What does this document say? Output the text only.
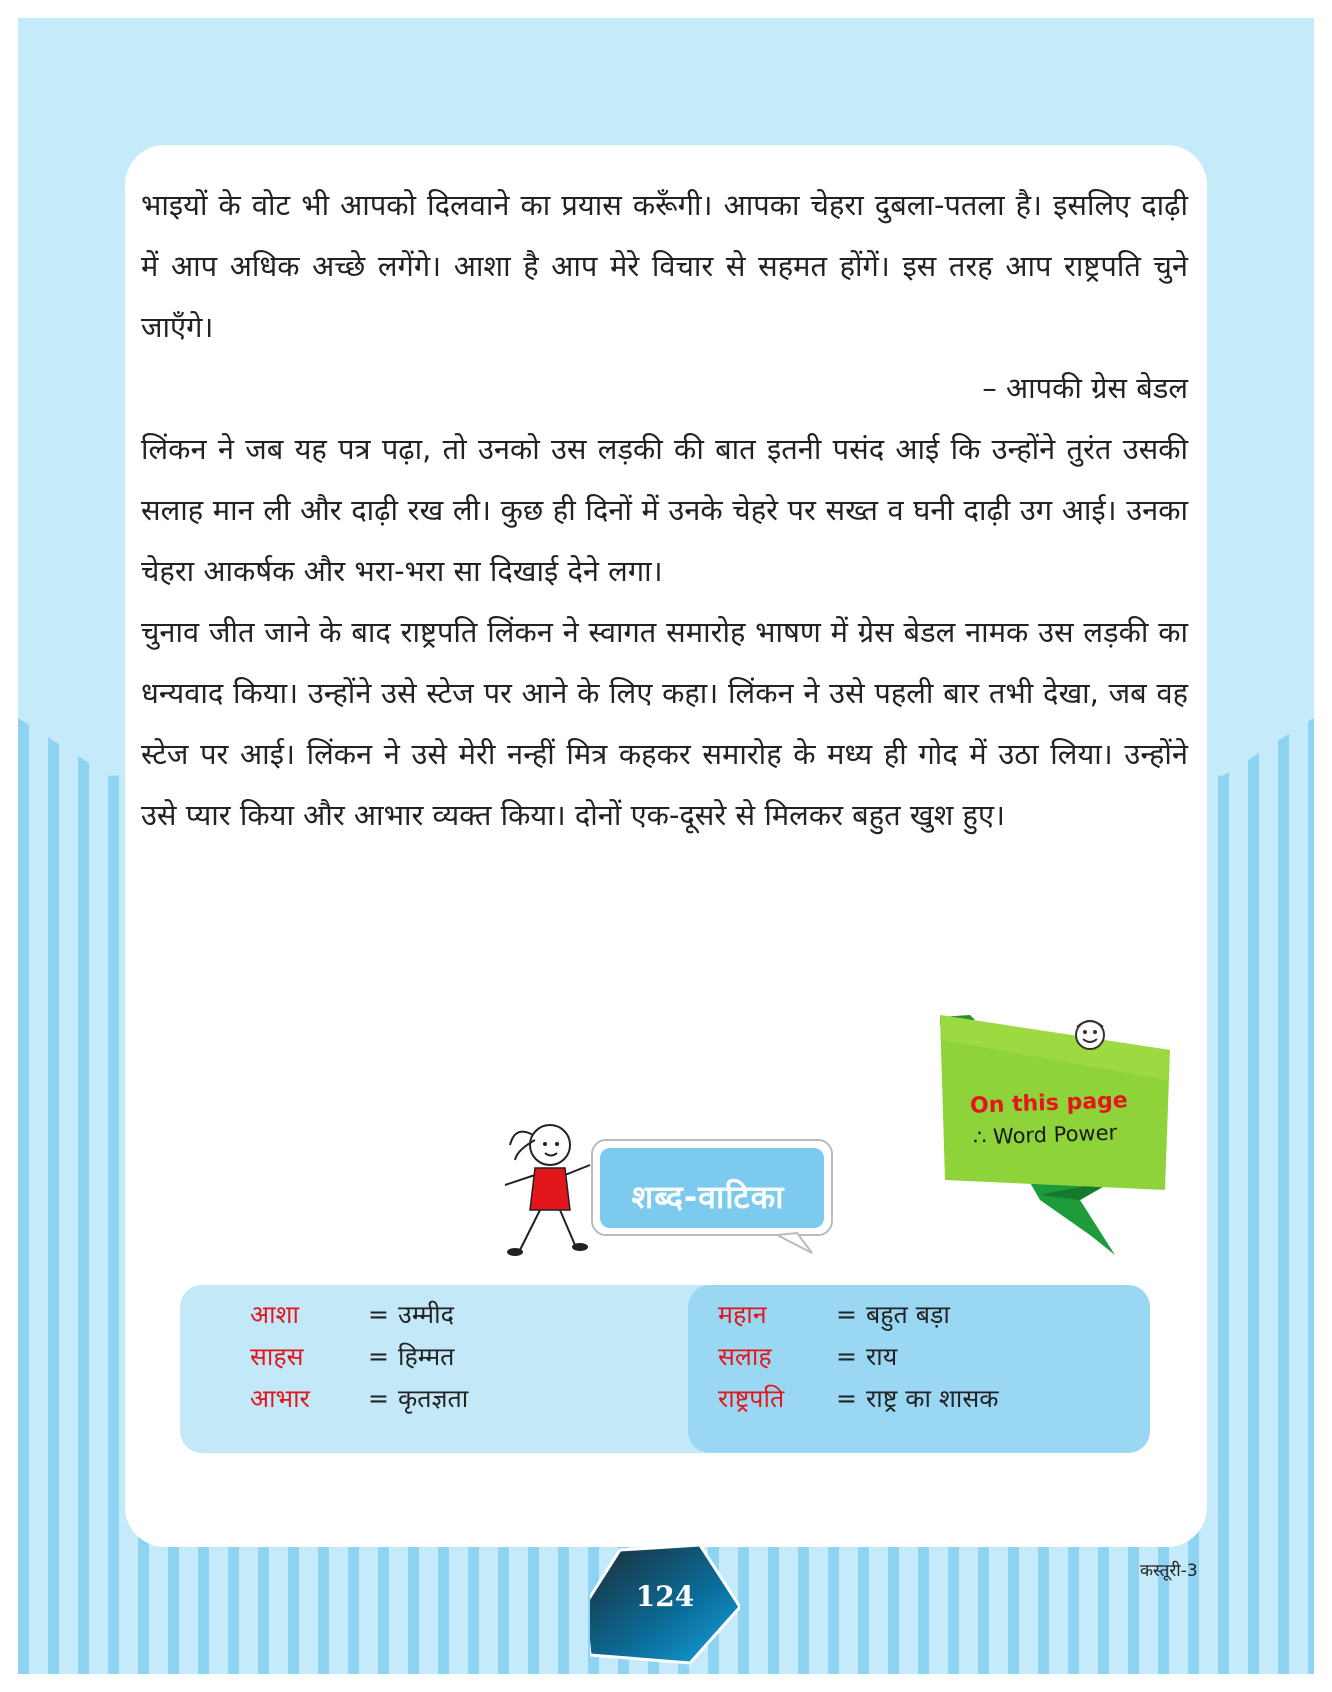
भाइयों के वोट भी आपको दिलवाने का प्रयास करूँगी। आपका चेहरा दुबला-पतला है। इसलिए दाढ़ी में आप अधिक अच्छे लगेंगे। आशा है आप मेरे विचार से सहमत होंगें। इस तरह आप राष्ट्रपति चुने जाएँगे।

– आपकी ग्रेस बेडल

लिंकन ने जब यह पत्र पढ़ा, तो उनको उस लड़की की बात इतनी पसंद आई कि उन्होंने तुरंत उसकी सलाह मान ली और दाढ़ी रख ली। कुछ ही दिनों में उनके चेहरे पर सख्त व घनी दाढ़ी उग आई। उनका चेहरा आकर्षक और भरा-भरा सा दिखाई देने लगा।

चुनाव जीत जाने के बाद राष्ट्रपति लिंकन ने स्वागत समारोह भाषण में ग्रेस बेडल नामक उस लड़की का धन्यवाद किया। उन्होंने उसे स्टेज पर आने के लिए कहा। लिंकन ने उसे पहली बार तभी देखा, जब वह स्टेज पर आई। लिंकन ने उसे मेरी नन्हीं मित्र कहकर समारोह के मध्य ही गोद में उठा लिया। उन्होंने उसे प्यार किया और आभार व्यक्त किया। दोनों एक-दूसरे से मिलकर बहुत खुश हुए।

On this page
∴ Word Power
शब्द-वाटिका
आशा	= उम्मीद
साहस	= हिम्मत
आभार	= कृतज्ञता
महान	= बहुत बड़ा
सलाह	= राय
राष्ट्रपति	= राष्ट्र का शासक
124
कस्तूरी-3
